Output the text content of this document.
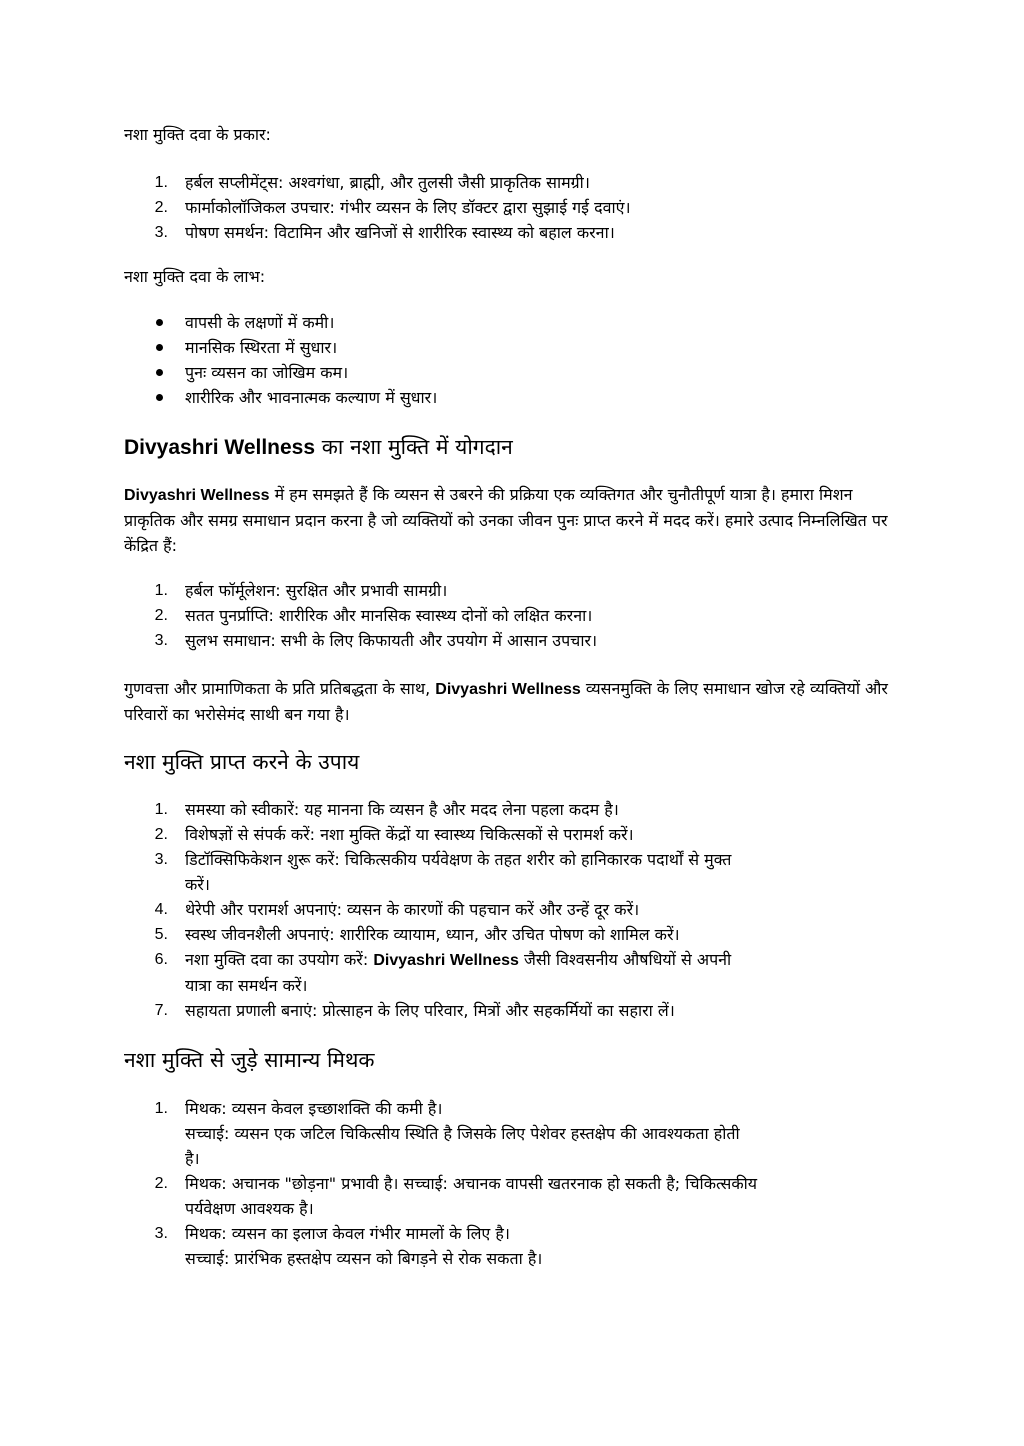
नशा मुक्ति दवा के प्रकार:

1. हर्बल सप्लीमेंट्स: अश्वगंधा, ब्राह्मी, और तुलसी जैसी प्राकृतिक सामग्री।
2. फार्माकोलॉजिकल उपचार: गंभीर व्यसन के लिए डॉक्टर द्वारा सुझाई गई दवाएं।
3. पोषण समर्थन: विटामिन और खनिजों से शारीरिक स्वास्थ्य को बहाल करना।

नशा मुक्ति दवा के लाभ:

वापसी के लक्षणों में कमी।
मानसिक स्थिरता में सुधार।
पुनः व्यसन का जोखिम कम।
शारीरिक और भावनात्मक कल्याण में सुधार।
Divyashri Wellness का नशा मुक्ति में योगदान

Divyashri Wellness में हम समझते हैं कि व्यसन से उबरने की प्रक्रिया एक व्यक्तिगत और चुनौतीपूर्ण यात्रा है। हमारा मिशन प्राकृतिक और समग्र समाधान प्रदान करना है जो व्यक्तियों को उनका जीवन पुनः प्राप्त करने में मदद करें। हमारे उत्पाद निम्नलिखित पर केंद्रित हैं:

1. हर्बल फॉर्मूलेशन: सुरक्षित और प्रभावी सामग्री।
2. सतत पुनर्प्राप्ति: शारीरिक और मानसिक स्वास्थ्य दोनों को लक्षित करना।
3. सुलभ समाधान: सभी के लिए किफायती और उपयोग में आसान उपचार।

गुणवत्ता और प्रामाणिकता के प्रति प्रतिबद्धता के साथ, Divyashri Wellness व्यसनमुक्ति के लिए समाधान खोज रहे व्यक्तियों और परिवारों का भरोसेमंद साथी बन गया है।

नशा मुक्ति प्राप्त करने के उपाय
1. समस्या को स्वीकारें: यह मानना कि व्यसन है और मदद लेना पहला कदम है।
2. विशेषज्ञों से संपर्क करें: नशा मुक्ति केंद्रों या स्वास्थ्य चिकित्सकों से परामर्श करें।
3. डिटॉक्सिफिकेशन शुरू करें: चिकित्सकीय पर्यवेक्षण के तहत शरीर को हानिकारक पदार्थों से मुक्त
करें।
4. थेरेपी और परामर्श अपनाएं: व्यसन के कारणों की पहचान करें और उन्हें दूर करें।
5. स्वस्थ जीवनशैली अपनाएं: शारीरिक व्यायाम, ध्यान, और उचित पोषण को शामिल करें।
6. नशा मुक्ति दवा का उपयोग करें: Divyashri Wellness जैसी विश्वसनीय औषधियों से अपनी
यात्रा का समर्थन करें।
7. सहायता प्रणाली बनाएं: प्रोत्साहन के लिए परिवार, मित्रों और सहकर्मियों का सहारा लें।
नशा मुक्ति से जुड़े सामान्य मिथक
1. मिथक: व्यसन केवल इच्छाशक्ति की कमी है।
सच्चाई: व्यसन एक जटिल चिकित्सीय स्थिति है जिसके लिए पेशेवर हस्तक्षेप की आवश्यकता होती
है।
2. मिथक: अचानक "छोड़ना" प्रभावी है। सच्चाई: अचानक वापसी खतरनाक हो सकती है; चिकित्सकीय
पर्यवेक्षण आवश्यक है।
3. मिथक: व्यसन का इलाज केवल गंभीर मामलों के लिए है।
सच्चाई: प्रारंभिक हस्तक्षेप व्यसन को बिगड़ने से रोक सकता है।
